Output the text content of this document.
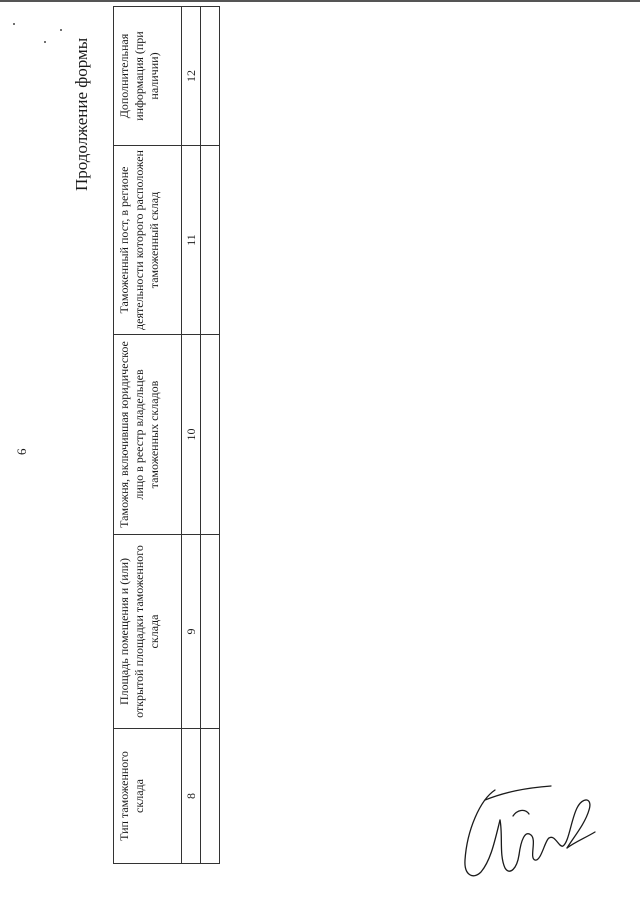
6
Продолжение формы
Тип таможенного склада	Площадь помещения и (или) открытой площадки таможенного склада	Таможня, включившая юридическое лицо в реестр владельцев таможенных складов	Таможенный пост, в регионе деятельности которого расположен таможенный склад	Дополнительная информация (при наличии)
8	9	10	11	12
